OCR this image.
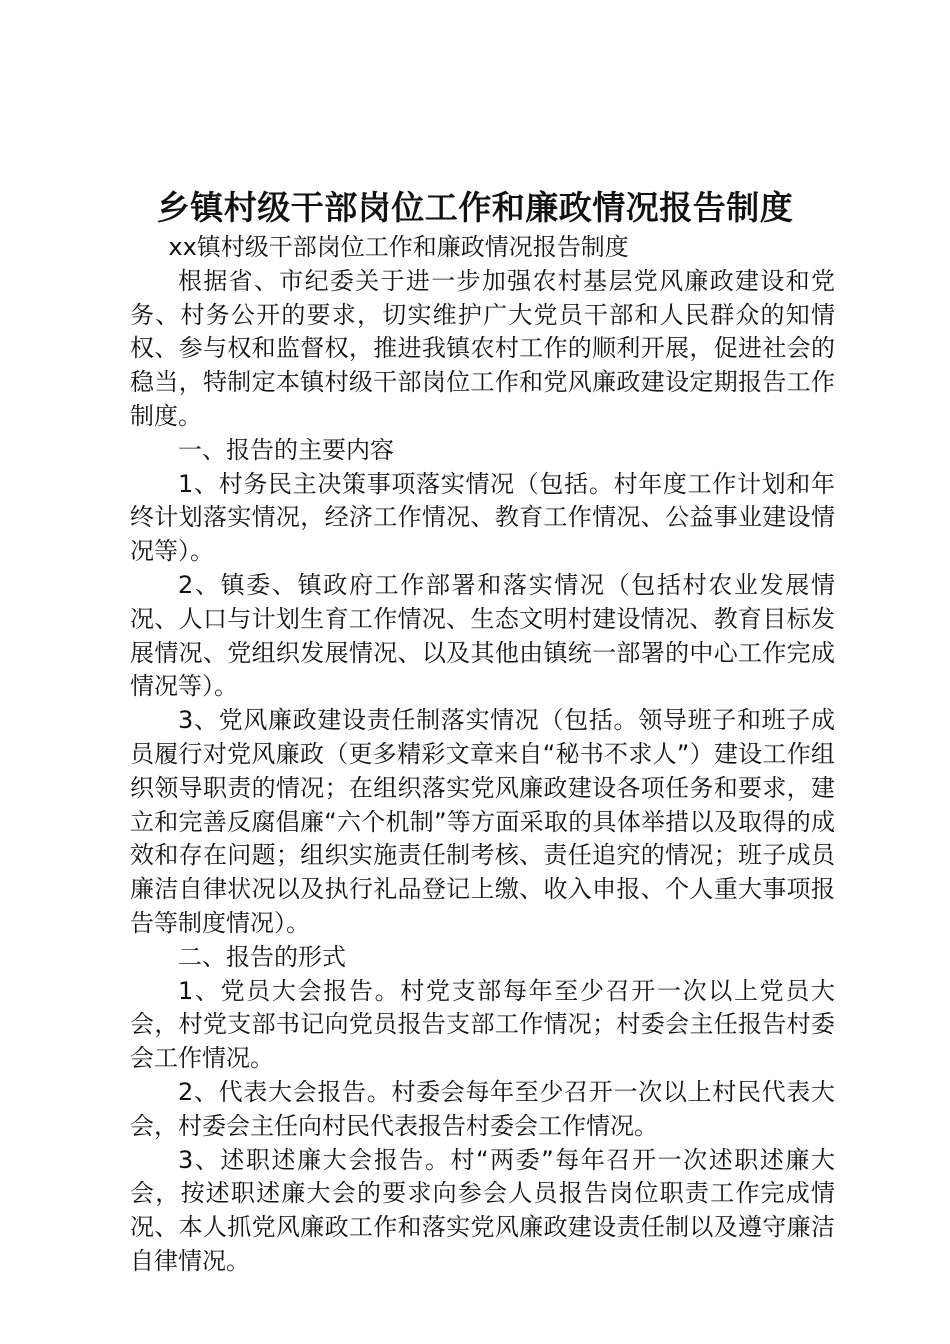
乡镇村级干部岗位工作和廉政情况报告制度

xx镇村级干部岗位工作和廉政情况报告制度

根据省、市纪委关于进一步加强农村基层党风廉政建设和党务、村务公开的要求，切实维护广大党员干部和人民群众的知情权、参与权和监督权，推进我镇农村工作的顺利开展，促进社会的稳当，特制定本镇村级干部岗位工作和党风廉政建设定期报告工作制度。

一、报告的主要内容

1、村务民主决策事项落实情况（包括。村年度工作计划和年终计划落实情况，经济工作情况、教育工作情况、公益事业建设情况等）。

2、镇委、镇政府工作部署和落实情况（包括村农业发展情况、人口与计划生育工作情况、生态文明村建设情况、教育目标发展情况、党组织发展情况、以及其他由镇统一部署的中心工作完成情况等）。

3、党风廉政建设责任制落实情况（包括。领导班子和班子成员履行对党风廉政（更多精彩文章来自“秘书不求人”）建设工作组织领导职责的情况；在组织落实党风廉政建设各项任务和要求，建立和完善反腐倡廉“六个机制”等方面采取的具体举措以及取得的成效和存在问题；组织实施责任制考核、责任追究的情况；班子成员廉洁自律状况以及执行礼品登记上缴、收入申报、个人重大事项报告等制度情况）。

二、报告的形式

1、党员大会报告。村党支部每年至少召开一次以上党员大会，村党支部书记向党员报告支部工作情况；村委会主任报告村委会工作情况。

2、代表大会报告。村委会每年至少召开一次以上村民代表大会，村委会主任向村民代表报告村委会工作情况。

3、述职述廉大会报告。村“两委”每年召开一次述职述廉大会，按述职述廉大会的要求向参会人员报告岗位职责工作完成情况、本人抓党风廉政工作和落实党风廉政建设责任制以及遵守廉洁自律情况。
